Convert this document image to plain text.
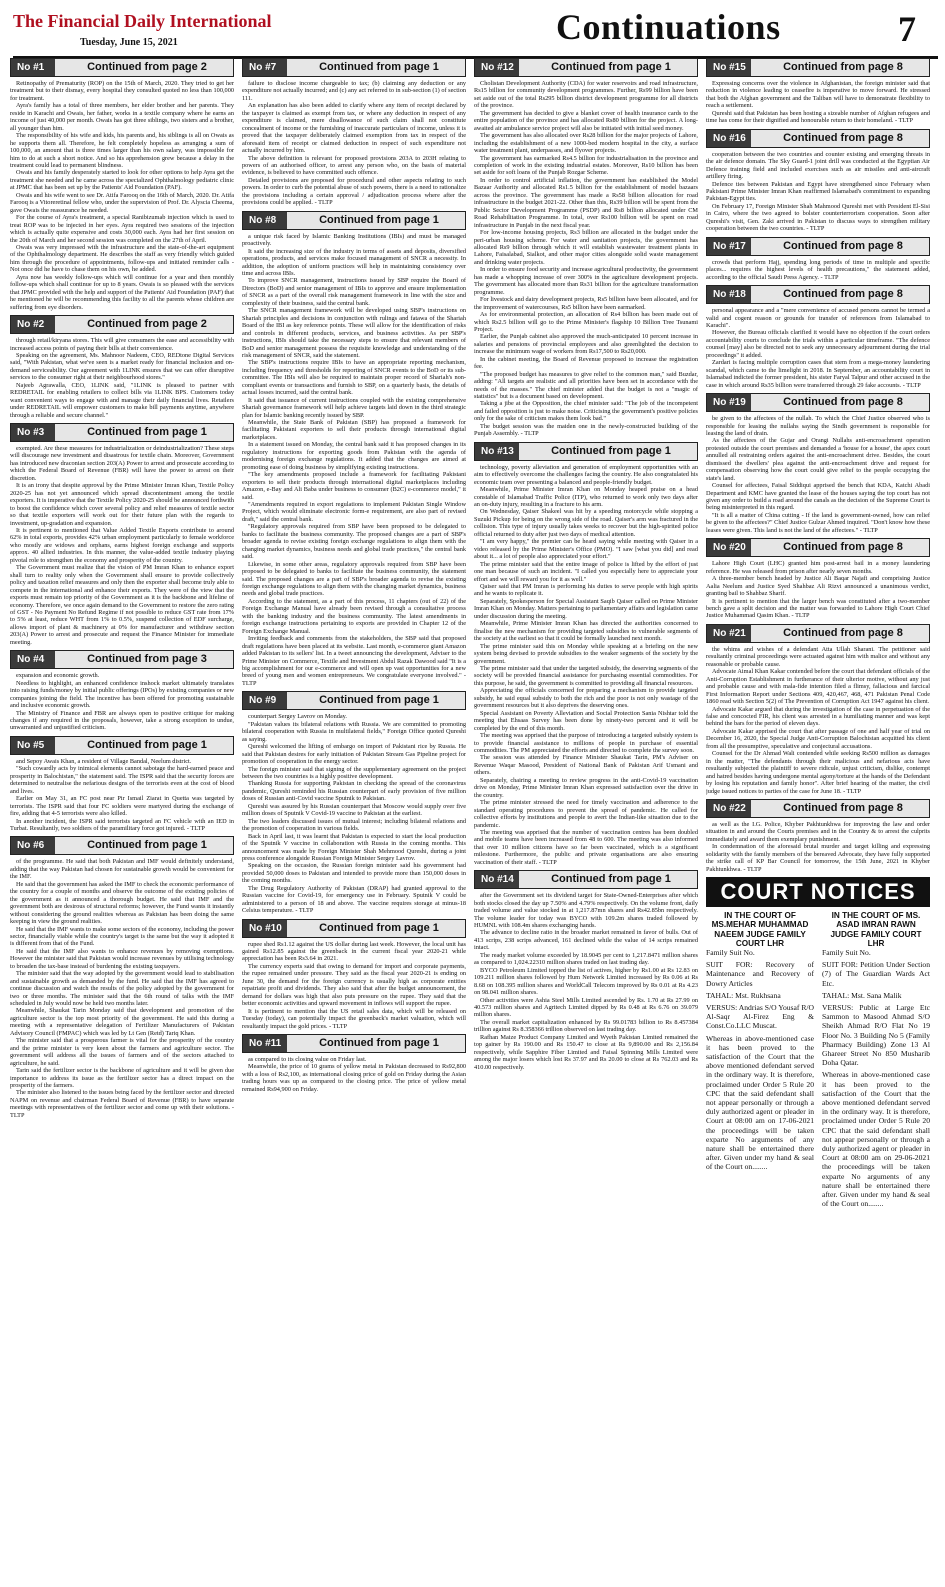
The Financial Daily International
Tuesday, June 15, 2021	Continuations	7
No #1	Continued from page 2

Retinopathy of Prematurity (ROP) on the 15th of March, 2020. They tried to get her treatment but to their dismay, every hospital they consulted quoted no less than 100,000 for treatment.

Ayra's family has a total of three members, her elder brother and her parents. They reside in Karachi and Owais, her father, works in a textile company where he earns an income of just 40,000 per month. Owais has got three siblings, two sisters and a brother, all younger than him.

The responsibility of his wife and kids, his parents and, his siblings is all on Owais as he supports them all. Therefore, he felt completely hopeless as arranging a sum of 100,000, an amount that is three times larger than his own salary, was impossible for him to do at such a short notice. And so his apprehension grew because a delay in the treatment could lead to permanent blindness.

Owais and his family desperately started to look for other options to help Ayra get the treatment she needed and he came across the specialized Ophthalmology pediatric clinic at JPMC that has been set up by the Patients' Aid Foundation (PAF).

Owais and his wife went to see Dr. Atifa Farooq on the 16th of March, 2020. Dr. Atifa Farooq is a Vitoreretinal fellow who, under the supervision of Prof. Dr. Alyscia Cheema, gave Owais the reassurance he needed.

For the course of Ayra's treatment, a special Ranibizumab injection which is used to treat ROP was to be injected in her eyes. Ayra required two sessions of the injection which is actually quite expensive and costs 30,000 each. Ayra had her first session on the 20th of March and her second session was completed on the 27th of April.

Owais was very impressed with the infrastructure and the state-of-the-art equipment of the Ophthalmology department. He describes the staff as very friendly which guided him through the procedure of appointments, follow-ups and initiated reminder calls - Not once did he have to chase them on his own, he added.

Ayra now has weekly follow-ups which will continue for a year and then monthly follow-ups which shall continue for up to 8 years. Owais is so pleased with the services that JPMC provided with the help and support of the Patients' Aid Foundation (PAF) that he mentioned he will be recommending this facility to all the parents whose children are suffering from eye disorders.

No #2	Continued from page 2

through retail/kiryana stores. This will give consumers the ease and accessibility with increased access points of paying their bills at their convenience.

Speaking on the agreement, Ms. Mahnoor Nadeem, CEO, REDtone Digital Services said, "With Pakistan, what we've seen is a market ready for financial inclusion and on-demand serviceability. Our agreement with 1LINK ensures that we can offer disruptive services to the consumer right at their neighbourhood stores."

Najeeb Agrawalla, CEO, 1LINK said, "1LINK is pleased to partner with REDRETAIL for enabling retailers to collect bills via 1LINK BPS. Customers today want convenient ways to engage with and manage their daily financial lives. Retailers under REDRETAIL will empower customers to make bill payments anytime, anywhere through a reliable and secure channel."

No #3	Continued from page 1

exempted. Are these measures for industrialization or deindustrialization? These steps will discourage new investment and disastrous for textile chain. Moreover, Government has introduced new draconian section 203(A) Power to arrest and prosecute according to which the Federal Board of Revenue (FBR) will have the power to arrest on their discretion.

It is an irony that despite approval by the Prime Minister Imran Khan, Textile Policy 2020-25 has not yet announced which spread discontentment among the textile exporters. It is imperative that the Textile Policy 2020-25 should be announced forthwith to boost the confidence which cover several policy and relief measures of textile sector so that textile exporters will work out for their future plan with the regards to investment, up-gradation and expansion.

It is pertinent to mentioned that Value Added Textile Exports contribute to around 62% in total exports, provides 42% urban employment particularly to female workforce who mostly are widows and orphans, earns highest foreign exchange and supports approx. 40 allied industries. In this manner, the value-added textile industry playing pivotal role to strengthen the economy and prosperity of the country.

The Government must realize that the vision of PM Imran Khan to enhance export shall turn to reality only when the Government shall ensure to provide collectively policy and taxation relief measures and only then the exporter shall become truly able to compete in the international and enhance their exports. They were of the view that the exports must remain top priority of the Government as it is the backbone and lifeline of economy. Therefore, we once again demand to the Government to restore the zero rating of GST - No Payment No Refund Regime if not possible to reduce GST rate from 17% to 5% at least, reduce WHT from 1% to 0.5%, suspend collection of EDF surcharge, allows import of plant & machinery at 0% for manufacturer and withdraw section 203(A) Power to arrest and prosecute and request the Finance Minister for immediate meeting.

No #4	Continued from page 3

expansion and economic growth.

Needless to highlight, an enhanced confidence inshock market ultimately translates into raising funds/money by initial public offerings (IPOs) by existing companies or new companies joining the field. The incentive has been offered for promoting sustainable and inclusive economic growth.

The Ministry of Finance and FBR are always open to positive critique for making changes if any required in the proposals, however, take a strong exception to undue, unwarranted and unjustified criticism.

No #5	Continued from page 1

and Sepoy Awais Khan, a resident of Village Bandal, Neelum district.

"Such cowardly acts by inimical elements cannot sabotage the hard-earned peace and prosperity in Balochistan," the statement said. The ISPR said that the security forces are determined to neutralise the nefarious designs of the terrorists even at the cost of blood and lives.

Earlier on May 31, an FC post near Pir Ismail Ziarat in Quetta was targeted by terrorists. The ISPR said that four FC soldiers were martyred during the exchange of fire, adding that 4-5 terrorists were also killed.

In another incident, the ISPR said terrorists targeted an FC vehicle with an IED in Turbat. Resultantly, two soldiers of the paramilitary force got injured. - TLTP

No #6	Continued from page 1

of the programme. He said that both Pakistan and IMF would definitely understand, adding that the way Pakistan had chosen for sustainable growth would be convenient for the IMF.

He said that the government has asked the IMF to check the economic performance of the country for a couple of months and observe the outcome of the existing policies of the government as it announced a thorough budget. He said that IMF and the government both are desirous of structural reforms; however, the Fund wants it instantly without considering the ground realities whereas as Pakistan has been doing the same keeping in view the ground realities.

He said that the IMF wants to make some sectors of the economy, including the power sector, financially viable while the country's target is the same but the way it adopted it is different from that of the Fund.

He said that the IMF also wants to enhance revenues by removing exemptions. However the minister said that Pakistan would increase revenues by utilising technology to broaden the tax-base instead of burdening the existing taxpayers.

The minister said that the way adopted by the government would lead to stabilisation and sustainable growth as demanded by the fund. He said that the IMF has agreed to continue discussion and watch the results of the policy adopted by the government for two or three months. The minister said that the 6th round of talks with the IMF scheduled in July would now be held two months later.

Meanwhile, Shaukat Tarin Monday said that development and promotion of the agriculture sector is the top most priority of the government. He said this during a meeting with a representative delegation of Fertilizer Manufacturers of Pakistan Advisory Council (FMPAC) which was led by Lt Gen (Retd) Tariq Khan.

The minister said that a prosperous farmer is vital for the prosperity of the country and the prime minister is very keen about the farmers and agriculture sector. The government will address all the issues of farmers and of the sectors attached to agriculture, he said.

Tarin said the fertilizer sector is the backbone of agriculture and it will be given due importance to address its issue as the fertilizer sector has a direct impact on the prosperity of the farmers.

The minister also listened to the issues being faced by the fertilizer sector and directed NAPM on revenue and chairman Federal Board of Revenue (FBR) to have separate meetings with representatives of the fertilizer sector and come up with their solutions. - TLTP

No #7	Continued from page 1

failure to disclose income chargeable to tax; (b) claiming any deduction or any expenditure not actually incurred; and (c) any act referred to in sub-section (1) of section 111.

An explanation has also been added to clarify where any item of receipt declared by the taxpayer is claimed as exempt from tax, or where any deduction in respect of any expenditure is claimed, mere disallowance of such claim shall not constitute concealment of income or the furnishing of inaccurate particulars of income, unless it is proved that the taxpayer deliberately claimed exemption from tax in respect of the aforesaid item of receipt or claimed deduction in respect of such expenditure not actually incurred by him.

The above definition is relevant for proposed provisions 203A to 203H relating to powers of an authorised officer, to arrest any person who, on the basis of material evidence, is believed to have committed such offence.

Detailed provisions are proposed for procedural and other aspects relating to such powers. In order to curb the potential abuse of such powers, there is a need to rationalize the provisions including a certain approval / adjudication process where after the provisions could be applied. - TLTP

No #8	Continued from page 1

a unique risk faced by Islamic Banking Institutions (IBIs) and must be managed proactively.

It said the increasing size of the industry in terms of assets and deposits, diversified operations, products, and services make focused management of SNCR a necessity. In addition, the adoption of uniform practices will help in maintaining consistency over time and across IBIs.

To improve SNCR management, instructions issued by SBP require the Board of Directors (BoD) and senior management of IBIs to approve and ensure implementation of SNCR as a part of the overall risk management framework in line with the size and complexity of their business, said the central bank.

The SNCR management framework will be developed using SBP's instructions on Shariah principles and decisions in conjunction with rulings and fatawa of the Shariah Board of the IBI as key reference points. These will allow for the identification of risks and controls in different products, services, and business activities. As per SBP's instructions, IBIs should take the necessary steps to ensure that relevant members of BoD and senior management possess the requisite knowledge and understanding of the risk management of SNCR, said the statement.

The SBP's instructions require IBIs to have an appropriate reporting mechanism, including frequency and thresholds for reporting of SNCR events to the BoD or its sub-committee. The IBIs will also be required to maintain proper record of Shariah's non-compliant events or transactions and furnish to SBP, on a quarterly basis, the details of actual losses incurred, said the central bank.

It said that issuance of current instructions coupled with the existing comprehensive Shariah governance framework will help achieve targets laid down in the third strategic plan for Islamic banking recently issued by SBP.

Meanwhile, the State Bank of Pakistan (SBP) has proposed a framework for facilitating Pakistani exporters to sell their products through international digital marketplaces.

In a statement issued on Monday, the central bank said it has proposed changes in its regulatory instructions for exporting goods from Pakistan with the agenda of modernising foreign exchange regulations. It added that the changes are aimed at promoting ease of doing business by simplifying existing instructions.

"The key amendments proposed include a framework for facilitating Pakistani exporters to sell their products through international digital marketplaces including Amazon, e-Bay and Ali Baba under business to consumer (B2C) e-commerce model," it said.

"Amendments required in export regulations to implement Pakistan Single Window Project, which would eliminate electronic form-e requirement, are also part of revised draft," said the central bank.

"Regulatory approvals required from SBP have been proposed to be delegated to banks to facilitate the business community. The proposed changes are a part of SBP's broader agenda to revise existing foreign exchange regulations to align them with the changing market dynamics, business needs and global trade practices," the central bank said.

Likewise, in some other areas, regulatory approvals required from SBP have been proposed to be delegated to banks to facilitate the business community, the statement said. The proposed changes are a part of SBP's broader agenda to revise the existing foreign exchange regulations to align them with the changing market dynamics, business needs and global trade practices.

According to the statement, as a part of this process, 11 chapters (out of 22) of the Foreign Exchange Manual have already been revised through a consultative process with the banking industry and the business community. The latest amendments in foreign exchange instructions pertaining to exports are provided in Chapter 12 of the Foreign Exchange Manual.

Inviting feedback and comments from the stakeholders, the SBP said that proposed draft regulations have been placed at its website. Last month, e-commerce giant Amazon added Pakistan to its sellers' list. In a tweet announcing the development, Adviser to the Prime Minister on Commerce, Textile and Investment Abdul Razak Dawood said "It is a big accomplishment for our e-commerce and will open up vast opportunities for a new breed of young men and women entrepreneurs. We congratulate everyone involved." - TLTP

No #9	Continued from page 1

counterpart Sergey Lavrov on Monday.

"Pakistan values its bilateral relations with Russia. We are committed to promoting bilateral cooperation with Russia in multilateral fields," Foreign Office quoted Qureshi as saying.

Qureshi welcomed the lifting of embargo on import of Pakistani rice by Russia. He said that Pakistan desires for early initiation of Pakistan Stream Gas Pipeline project for promotion of cooperation in the energy sector.

The foreign minister said that signing of the supplementary agreement on the project between the two countries is a highly positive development.

Thanking Russia for supporting Pakistan in checking the spread of the coronavirus pandemic, Qureshi reminded his Russian counterpart of early provision of five million doses of Russian anti-Covid vaccine Sputnik to Pakistan.

Qureshi was assured by his Russian counterpart that Moscow would supply over five million doses of Sputnik V Covid-19 vaccine to Pakistan at the earliest.

The two leaders discussed issues of mutual interest; including bilateral relations and the promotion of cooperation in various fields.

Back in April last, it was learnt that Pakistan is expected to start the local production of the Sputnik V vaccine in collaboration with Russia in the coming months. This announcement was made by Foreign Minister Shah Mehmood Qureshi, during a joint press conference alongside Russian Foreign Minister Sergey Lavrov.

Speaking on the occasion, the Russian foreign minister said his government had provided 50,000 doses to Pakistan and intended to provide more than 150,000 doses in the coming months.

The Drug Regulatory Authority of Pakistan (DRAP) had granted approval to the Russian vaccine for Covid-19, for emergency use in February. Sputnik V could be administered to a person of 18 and above. The vaccine requires storage at minus-18 Celsius temperature. - TLTP

No #10	Continued from page 1

rupee shed Rs1.12 against the US dollar during last week. However, the local unit has gained Rs12.85 against the greenback in the current fiscal year 2020-21 while appreciation has been Rs3.64 in 2021.

The currency experts said that owing to demand for import and corporate payments, the rupee remained under pressure. They said as the fiscal year 2020-21 is ending on June 30, the demand for the foreign currency is usually high as corporate entities repatriate profit and dividends. They also said that after the budget announcement, the demand for dollars was high that also puts pressure on the rupee. They said that the better economic activities and upward movement in inflows will support the rupee.

It is pertinent to mention that the US retail sales data, which will be released on Tuesday (today), can potentially impact the greenback's market valuation, which will resultantly impact the gold prices. - TLTP

No #11	Continued from page 1

as compared to its closing value on Friday last.

Meanwhile, the price of 10 grams of yellow metal in Pakistan decreased to Rs92,800 with a loss of Rs2,100, as international closing price of gold on Friday during the Asian trading hours was up as compared to the closing price. The price of yellow metal remained Rs94,900 on Friday.

No #12	Continued from page 1

Cholistan Development Authority (CDA) for water reservoirs and road infrastructure, Rs15 billion for community development programmes. Further, Rs99 billion have been set aside out of the total Rs295 billion district development programme for all districts of the province.

The government has decided to give a blanket cover of health insurance cards to the entire population of the province and has allocated Rs80 billion for the project. A long-awaited air ambulance service project will also be initiated with initial seed money.

The government has also allocated over Rs28 billion for the major projects of Lahore, including the establishment of a new 1000-bed modern hospital in the city, a surface water treatment plant, underpasses, and flyover projects.

The government has earmarked Rs4.5 billion for industrialisation in the province and completion of work in the existing industrial estates. Moreover, Rs10 billion has been set aside for soft loans of the Punjab Rozgar Scheme.

In order to control artificial inflation, the government has established the Model Bazaar Authority and allocated Rs1.5 billion for the establishment of model bazaars across the province. The government has made a Rs58 billion allocation for road infrastructure in the budget 2021-22. Other than this, Rs39 billion will be spent from the Public Sector Development Programme (PSDP) and Rs8 billion allocated under CM Road Rehabilitation Programme. In total, over Rs100 billion will be spent on road infrastructure in Punjab in the next fiscal year.

For low-income housing projects, Rs3 billion are allocated in the budget under the peri-urban housing scheme. For water and sanitation projects, the government has allocated Rs9 billion through which it will establish wastewater treatment plants in Lahore, Faisalabad, Sialkot, and other major cities alongside solid waste management and drinking water projects.

In order to ensure food security and increase agricultural productivity, the government has made a whopping increase of over 300% in the agriculture development projects. The government has allocated more than Rs31 billion for the agriculture transformation programme.

For livestock and dairy development projects, Rs5 billion have been allocated, and for the improvement of watercourses, Rs5 billion have been earmarked.

As for environmental protection, an allocation of Rs4 billion has been made out of which Rs2.5 billion will go to the Prime Minister's flagship 10 Billion Tree Tsunami Project.

Earlier, the Punjab cabinet also approved the much-anticipated 10 percent increase in salaries and pensions of provincial employees and also greenlighted the decision to increase the minimum wage of workers from Rs17,500 to Rs20,000.

In the cabinet meeting, the Board of Revenue proposed to increase the registration fee.

"The proposed budget has measures to give relief to the common man," said Buzdar, adding: "All targets are realistic and all priorities have been set in accordance with the needs of the masses." The chief minister added that the budget is not a "magic of statistics" but is a document based on development.

Taking a jibe at the Opposition, the chief minister said: "The job of the incompetent and failed opposition is just to make noise. Criticising the government's positive policies only for the sake of criticism makes them look bad."

The budget session was the maiden one in the newly-constructed building of the Punjab Assembly. - TLTP

No #13	Continued from page 1

technology, poverty alleviation and generation of employment opportunities with an aim to effectively overcome the challenges facing the country. He also congratulated his economic team over presenting a balanced and people-friendly budget.

Meanwhile, Prime Minister Imran Khan on Monday heaped praise on a head constable of Islamabad Traffic Police (ITP), who returned to work only two days after an on-duty injury, resulting in a fracture to his arm.

On Wednesday, Qaiser Shakeel was hit by a speeding motorcycle while stopping a Suzuki Pickup for being on the wrong side of the road. Qaiser's arm was fractured in the collision. This type of injury usually takes weeks to recover but the high-spirited police official returned to duty after just two days of medical attention.

"I am very happy," the premier can be heard saying while meeting with Qaiser in a video released by the Prime Minister's Office (PMO). "I saw [what you did] and read about it... a lot of people also appreciated your effort."

The prime minister said that the entire image of police is lifted by the effort of just one man because of such an incident. "I called you especially here to appreciate your effort and we will reward you for it as well."

Qaiser said that PM Imran is performing his duties to serve people with high spirits and he wants to replicate it.

Separately, Spokesperson for Special Assistant Saqib Qaiser called on Prime Minister Imran Khan on Monday. Matters pertaining to parliamentary affairs and legislation came under discussion during the meeting.

Meanwhile, Prime Minister Imran Khan has directed the authorities concerned to finalise the new mechanism for providing targeted subsidies to vulnerable segments of the society at the earliest so that it could be formally launched next month.

The prime minister said this on Monday while speaking at a briefing on the new system being devised to provide subsidies to the weaker segments of the society by the government.

The prime minister said that under the targeted subsidy, the deserving segments of the society will be provided financial assistance for purchasing essential commodities. For this purpose, he said, the government is committed to providing all financial resources.

Appreciating the officials concerned for preparing a mechanism to provide targeted subsidy, he said equal subsidy to both the rich and the poor is not only wastage of the government resources but it also deprives the deserving ones.

Special Assistant on Poverty Alleviation and Social Protection Sania Nishtar told the meeting that Ehsaas Survey has been done by ninety-two percent and it will be completed by the end of this month.

The meeting was apprised that the purpose of introducing a targeted subsidy system is to provide financial assistance to millions of people in purchase of essential commodities. The PM appreciated the efforts and directed to complete the survey soon.

The session was attended by Finance Minister Shaukat Tarin, PM's Adviser on Revenue Waqar Masood, President of National Bank of Pakistan Arif Usmani and others.

Separately, chairing a meeting to review progress in the anti-Covid-19 vaccination drive on Monday, Prime Minister Imran Khan expressed satisfaction over the drive in the country.

The prime minister stressed the need for timely vaccination and adherence to the standard operating procedures to prevent the spread of pandemic. He called for collective efforts by institutions and people to avert the Indian-like situation due to the pandemic.

The meeting was apprised that the number of vaccination centres has been doubled and mobile teams have been increased from 48 to 600. The meeting was also informed that over 10 million citizens have so far been vaccinated, which is a significant milestone. Furthermore, the public and private organisations are also ensuring vaccination of their staff. - TLTP

No #14	Continued from page 1

after the Government set its dividend target for State-Owned-Enterprises after which both stocks closed the day up 7.50% and 4.79% respectively. On the volume front, daily traded volume and value stocked in at 1,217.87mn shares and Rs42.85bn respectively. The volume leader for today was BYCO with 109.2m shares traded followed by HUMNL with 108.4m shares exchanging hands.

The advance to decline ratio in the broader market remained in favor of bulls. Out of 413 scrips, 238 scrips advanced, 161 declined while the value of 14 scrips remained intact.

The ready market volume exceeded by 18.9045 per cent to 1,217.8471 million shares as compared to 1,024.22310 million shares traded on last trading day.

BYCO Petroleum Limited topped the list of actives, higher by Rs1.00 at Rs 12.83 on 109.211 million shares followed by Hum Network Limited increased by Rs 0.06 at Rs 8.68 on 108.395 million shares and WorldCall Telecom improved by Rs 0.01 at Rs 4.23 on 98.041 million shares.

Other activities were Ashia Steel Mills Limited ascended by Rs. 1.70 at Rs 27.99 on 40.573 million shares and Agritech Limited dipped by Rs 0.48 at Rs 6.76 on 39.079 million shares.

The overall market capitalization enhanced by Rs 99.01783 billion to Rs 8.457384 trillion against Rs 8.358366 trillion observed on last trading day.

Rafhan Maize Product Company Limited and Wyeth Pakistan Limited remained the top gainer by Rs 190.00 and Rs 150.47 to close at Rs 9,890.00 and Rs 2,156.84 respectively, while Sapphire Fiber Limited and Faisal Spinning Mills Limited were among the major losers which lost Rs 37.97 and Rs 20.00 to close at Rs 762.03 and Rs 410.00 respectively.

No #15	Continued from page 8

Expressing concerns over the violence in Afghanistan, the foreign minister said that reduction in violence leading to ceasefire is imperative to move forward. He stressed that both the Afghan government and the Taliban will have to demonstrate flexibility to reach a settlement.

Qureshi said that Pakistan has been hosting a sizeable number of Afghan refugees and time has come for their dignified and honourable return to their homeland. - TLTP

No #16	Continued from page 8

cooperation between the two countries and counter existing and emerging threats in the air defence domain. The Sky Guard-1 joint drill was conducted at the Egyptian Air Defence training field and included exercises such as air missiles and anti-aircraft artillery firing.

Defence ties between Pakistan and Egypt have strengthened since February when Pakistani Prime Minister Imran Khan reaffirmed Islamabad's commitment to expanding Pakistan-Egypt ties.

On February 17, Foreign Minister Shah Mahmood Qureshi met with President El-Sisi in Cairo, where the two agreed to bolster counterterrorism cooperation. Soon after Qureshi's visit, Gen. Zaki arrived in Pakistan to discuss ways to strengthen military cooperation between the two countries. - TLTP

No #17	Continued from page 8

crowds that perform Hajj, spending long periods of time in multiple and specific places... requires the highest levels of health precautions," the statement added, according to the official Saudi Press Agency. - TLTP

No #18	Continued from page 8

personal appearance and a "mere convenience of accused persons cannot be termed a valid and cogent reason or grounds for transfer of references from Islamabad to Karachi".

However, the Bureau officials clarified it would have no objection if the court orders accountability courts to conclude the trials within a particular timeframe. "The defence counsel [may] also be directed not to seek any unnecessary adjournment during the trial proceedings" it added.

Zardari is facing multiple corruption cases that stem from a mega-money laundering scandal, which came to the limelight in 2018. In September, an accountability court in Islamabad indicted the former president, his sister Faryal Talpur and other accused in the case in which around Rs35 billion were transferred through 29 fake accounts. - TLTP

No #19	Continued from page 8

be given to the affectees of the nullah. To which the Chief Justice observed who is responsible for leasing the nullahs saying the Sindh government is responsible for leasing the land of drain.

As the affectees of the Gujar and Orangi Nullahs anti-encroachment operation protested outside the court premises and demanded a 'house for a house', the apex court annulled all restraining orders against the anti-encroachment drive. Besides, the court dismissed the dwellers' plea against the anti-encroachment drive and request for compensation observing how the court could give relief to the people occupying the state's land.

Counsel for affectees, Faisal Siddiqui apprised the bench that KDA, Katchi Abadi Department and KMC have granted the lease of the houses saying the top court has not given any order to build a road around the canals as the decision of the Supreme Court is being misinterpreted in this regard.

"It is all a matter of China cutting - If the land is government-owned, how can relief be given to the affectees?" Chief Justice Gulzar Ahmed inquired. "Don't know how these leases were given. This land is not the land of the affectees." - TLTP

No #20	Continued from page 8

Lahore High Court (LHC) granted him post-arrest bail in a money laundering reference. He was released from prison after nearly seven months.

A three-member bench headed by Justice Ali Baqar Najafi and comprising Justice Aalia Neelum and Justice Syed Shahbaz Ali Rizvi announced a unanimous verdict, granting bail to Shahbaz Sharif.

It is pertinent to mention that the larger bench was constituted after a two-member bench gave a split decision and the matter was forwarded to Lahore High Court Chief Justice Muhammad Qasim Khan. - TLTP

No #21	Continued from page 8

the whims and wishes of a defendant Atta Ullah Sharani. The petitioner said resultantly criminal proceedings were actuated against him with malice and without any reasonable or probable cause.

Advocate Aimal Khan Kakar contended before the court that defendant officials of the Anti-Corruption Establishment in furtherance of their ulterior motive, without any just and probable cause and with mala-fide intention filed a flimsy, fallacious and farcical First Information Report under Sections 409, 420,467, 468, 471 Pakistan Penal Code 1860 read with Section 5(2) of The Prevention of Corruption Act 1947 against his client.

Advocate Kakar argued that during the investigation of the case in perpetuation of the false and concocted FIR, his client was arrested in a humiliating manner and was kept behind the bars for the period of eleven days.

Advocate Kakar apprised the court that after passage of one and half year of trial on December 16, 2020, the Special Judge Anti-Corruption Balochistan acquitted his client from all the presumptive, speculative and conjectural accusations.

Counsel for the Dr Ahmad Wali contended while seeking Rs500 million as damages in the matter, "The defendants through their malicious and nefarious acts have resultantly subjected the plaintiff to severe ridicule, unjust criticism, dislike, contempt and hatred besides having undergone mental agony/torture at the hands of the Defendant by losing his reputation and family honor". After brief hearing of the matter, the civil judge issued notices to parties of the case for June 18. - TLTP

No #22	Continued from page 8

as well as the I.G. Police, Khyber Pakhtunkhwa for improving the law and order situation in and around the Courts premises and in the Country & to arrest the culprits immediately and award them exemplary punishment.

In condemnation of the aforesaid brutal murder and target killing and expressing solidarity with the family members of the bereaved Advocate, they have fully supported the strike call of KP Bar Council for tomorrow, the 15th June, 2021 in Khyber Pakhtunkhwa. - TLTP

COURT NOTICES
IN THE COURT OF MS.MEHAR MUHAMMAD NAEEM JUDGE FAMILY COURT LHR

Family Suit No.

SUIT FOR: Recovery of Maintenance and Recovery of Dowry Articles

TAHAL: Mst. Rukhsana

VERSUS: Andrias S/O Yousaf R/O Al-Saqr Al-Firez Eng & Const.Co.LLC Muscat.

Whereas in above-mentioned case it has been proved to the satisfaction of the Court that the above mentioned defendant served in the ordinary way. It is therefore, proclaimed under Order 5 Rule 20 CPC that the said defendant shall not appear personally or through a duly authorized agent or pleader in Court at 08:00 am on 17-06-2021 the proceedings will be taken exparte No arguments of any nature shall be entertained there after. Given under my hand & seal of the Court on........

IN THE COURT OF MS. ASAD IMRAN RAWN JUDGE FAMILY COURT LHR

Family Suit No.

SUIT FOR: Petition Under Section (7) of The Guardian Wards Act Etc.

TAHAL: Mst. Sana Malik

VERSUS: Public at Large Etc Sammon to Masood Ahmad S/O Sheikh Ahmad R/O Flat No 19 Floor No. 3 Building No 5 (Family Pharmacy Building) Zone 13 Al Ghareer Street No 850 Musharib Doha Qatar.

Whereas in above-mentioned case it has been proved to the satisfaction of the Court that the above mentioned defendant served in the ordinary way. It is therefore, proclaimed under Order 5 Rule 20 CPC that the said defendant shall not appear personally or through a duly authorized agent or pleader in Court at 08:00 am on 29-06-2021 the proceedings will be taken exparte No arguments of any nature shall be entertained there after. Given under my hand & seal of the Court on........
